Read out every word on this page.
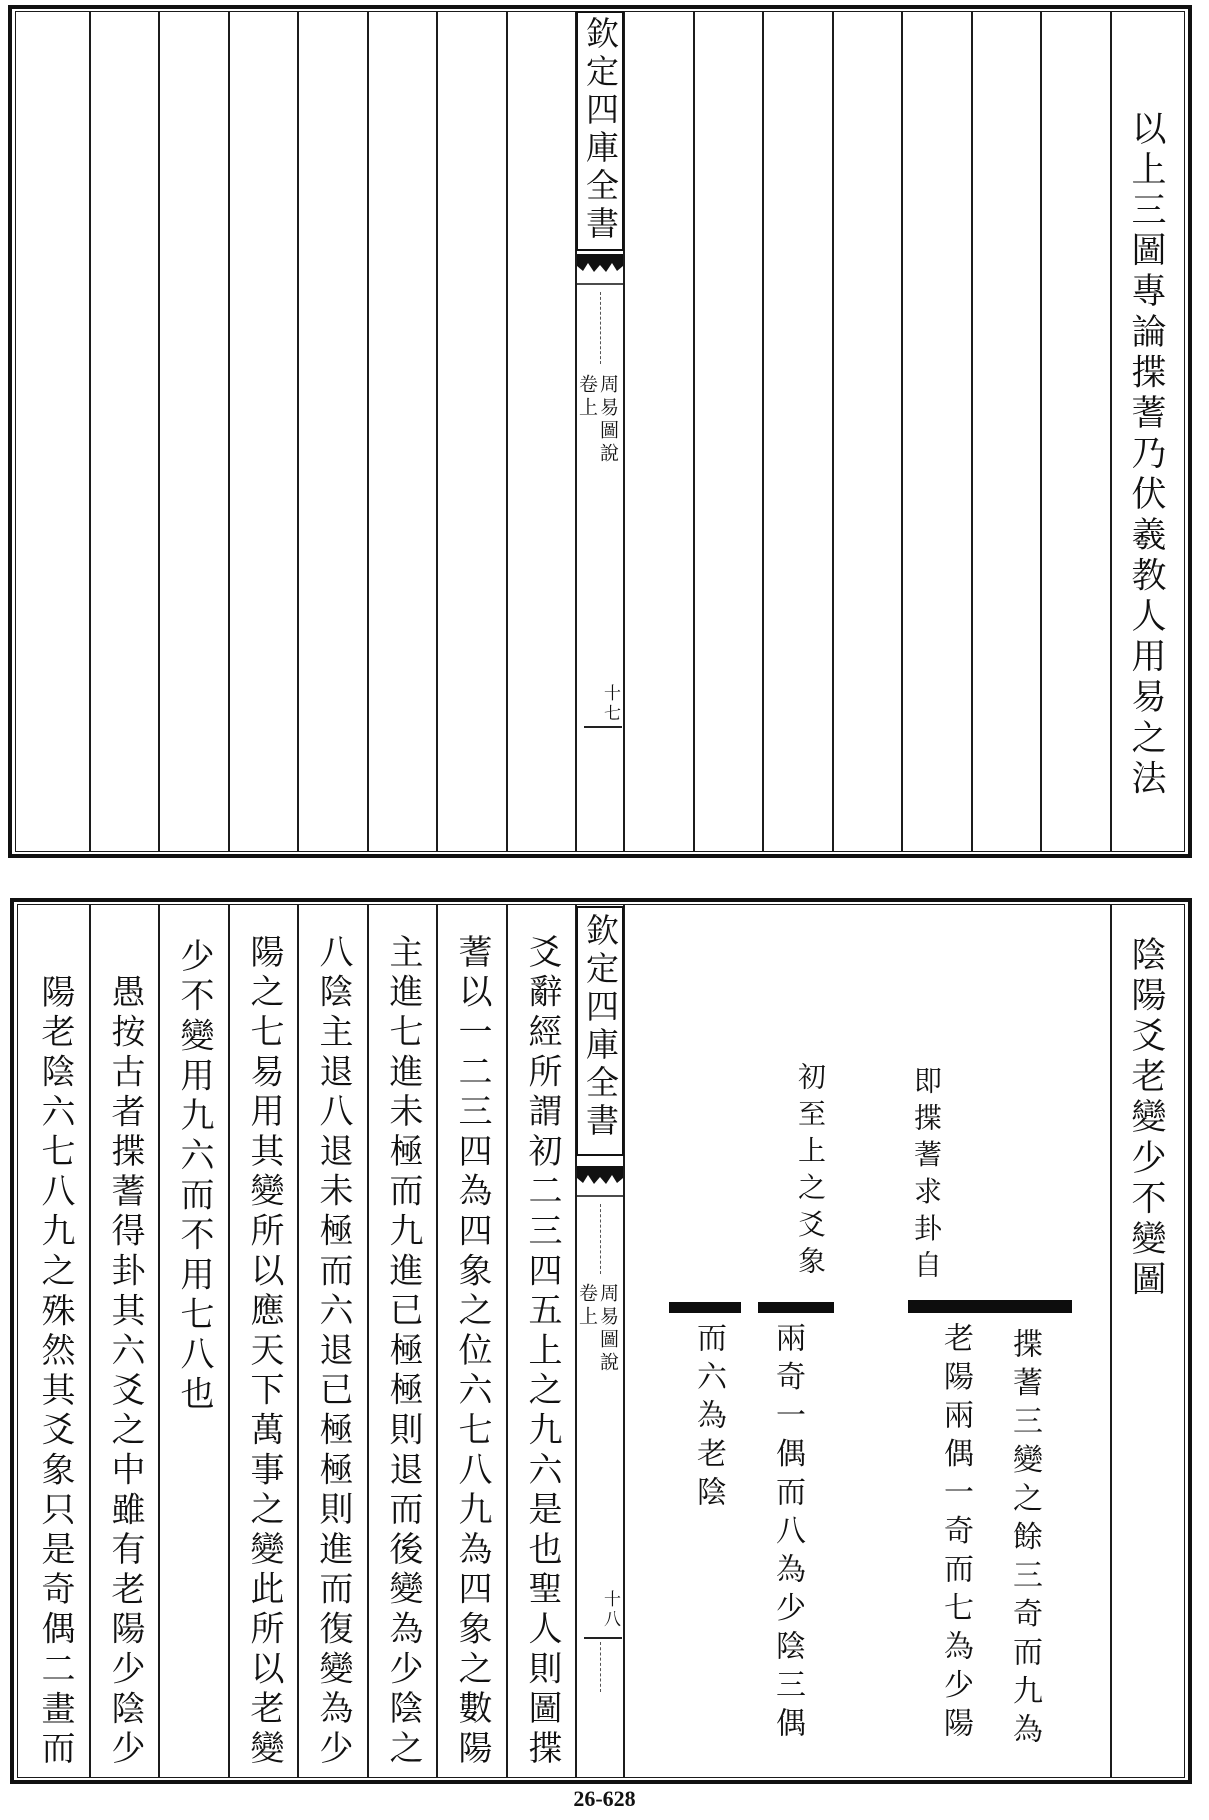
欽定四庫全書
周易圖說
卷上
十七	以上三圖專論揲蓍乃伏羲教人用易之法
欽定四庫全書
周易圖說
卷上
十八
陰陽爻老變少不變圖
即揲蓍求卦自
初至上之爻象
揲蓍三變之餘三奇而九為
老陽兩偶一奇而七為少陽
兩奇一偶而八為少陰三偶
而六為老陰
爻辭經所謂初二三四五上之九六是也聖人則圖揲
蓍以一二三四為四象之位六七八九為四象之數陽
主進七進未極而九進已極極則退而後變為少陰之
八陰主退八退未極而六退已極極則進而復變為少
陽之七易用其變所以應天下萬事之變此所以老變
少不變用九六而不用七八也
愚按古者揲蓍得卦其六爻之中雖有老陽少陰少
陽老陰六七八九之殊然其爻象只是奇偶二畫而
26-628
